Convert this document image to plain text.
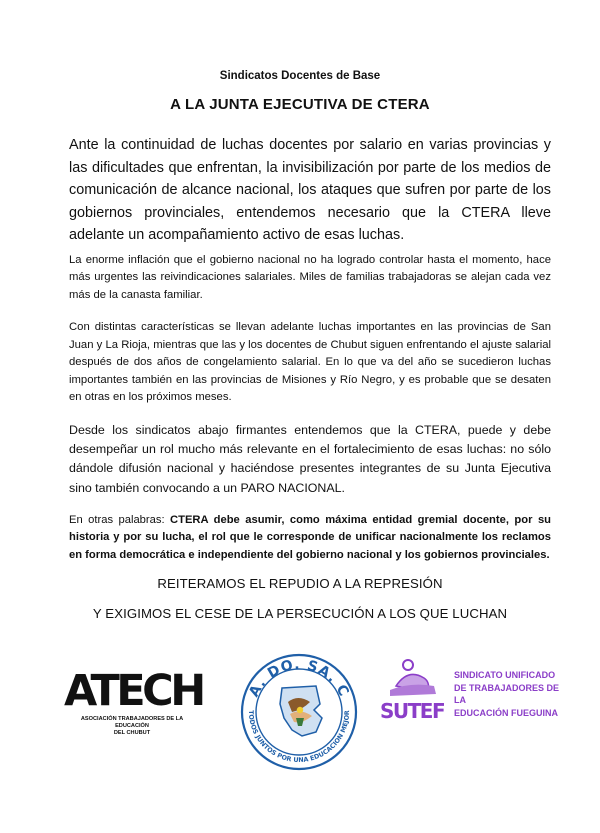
Sindicatos Docentes de Base
A LA JUNTA EJECUTIVA DE CTERA

Ante la continuidad de luchas docentes por salario en varias provincias y las dificultades que enfrentan, la invisibilización por parte de los medios de comunicación de alcance nacional, los ataques que sufren por parte de los gobiernos provinciales, entendemos necesario que la CTERA lleve adelante un acompañamiento activo de esas luchas.

La enorme inflación que el gobierno nacional no ha logrado controlar hasta el momento, hace más urgentes las reivindicaciones salariales. Miles de familias trabajadoras se alejan cada vez más de la canasta familiar.

Con distintas características se llevan adelante luchas importantes en las provincias de San Juan y La Rioja, mientras que las y los docentes de Chubut siguen enfrentando el ajuste salarial después de dos años de congelamiento salarial. En lo que va del año se sucedieron luchas importantes también en las provincias de Misiones y Río Negro, y es probable que se desaten en otras en los próximos meses.

Desde los sindicatos abajo firmantes entendemos que la CTERA, puede y debe desempeñar un rol mucho más relevante en el fortalecimiento de esas luchas: no sólo dándole difusión nacional y haciéndose presentes integrantes de su Junta Ejecutiva sino también convocando a un PARO NACIONAL.

En otras palabras: CTERA debe asumir, como máxima entidad gremial docente, por su historia y por su lucha, el rol que le corresponde de unificar nacionalmente los reclamos en forma democrática e independiente del gobierno nacional y los gobiernos provinciales.

REITERAMOS EL REPUDIO A LA REPRESIÓN
Y EXIGIMOS EL CESE DE LA PERSECUCIÓN A LOS QUE LUCHAN
ATECH
ASOCIACIÓN TRABAJADORES DE LA EDUCACIÓN
DEL CHUBUT
A. DO. SA. C
TODOS JUNTOS POR UNA EDUCACION MEJOR SUTEF
SINDICATO UNIFICADO
DE TRABAJADORES DE LA
EDUCACIÓN FUEGUINA
